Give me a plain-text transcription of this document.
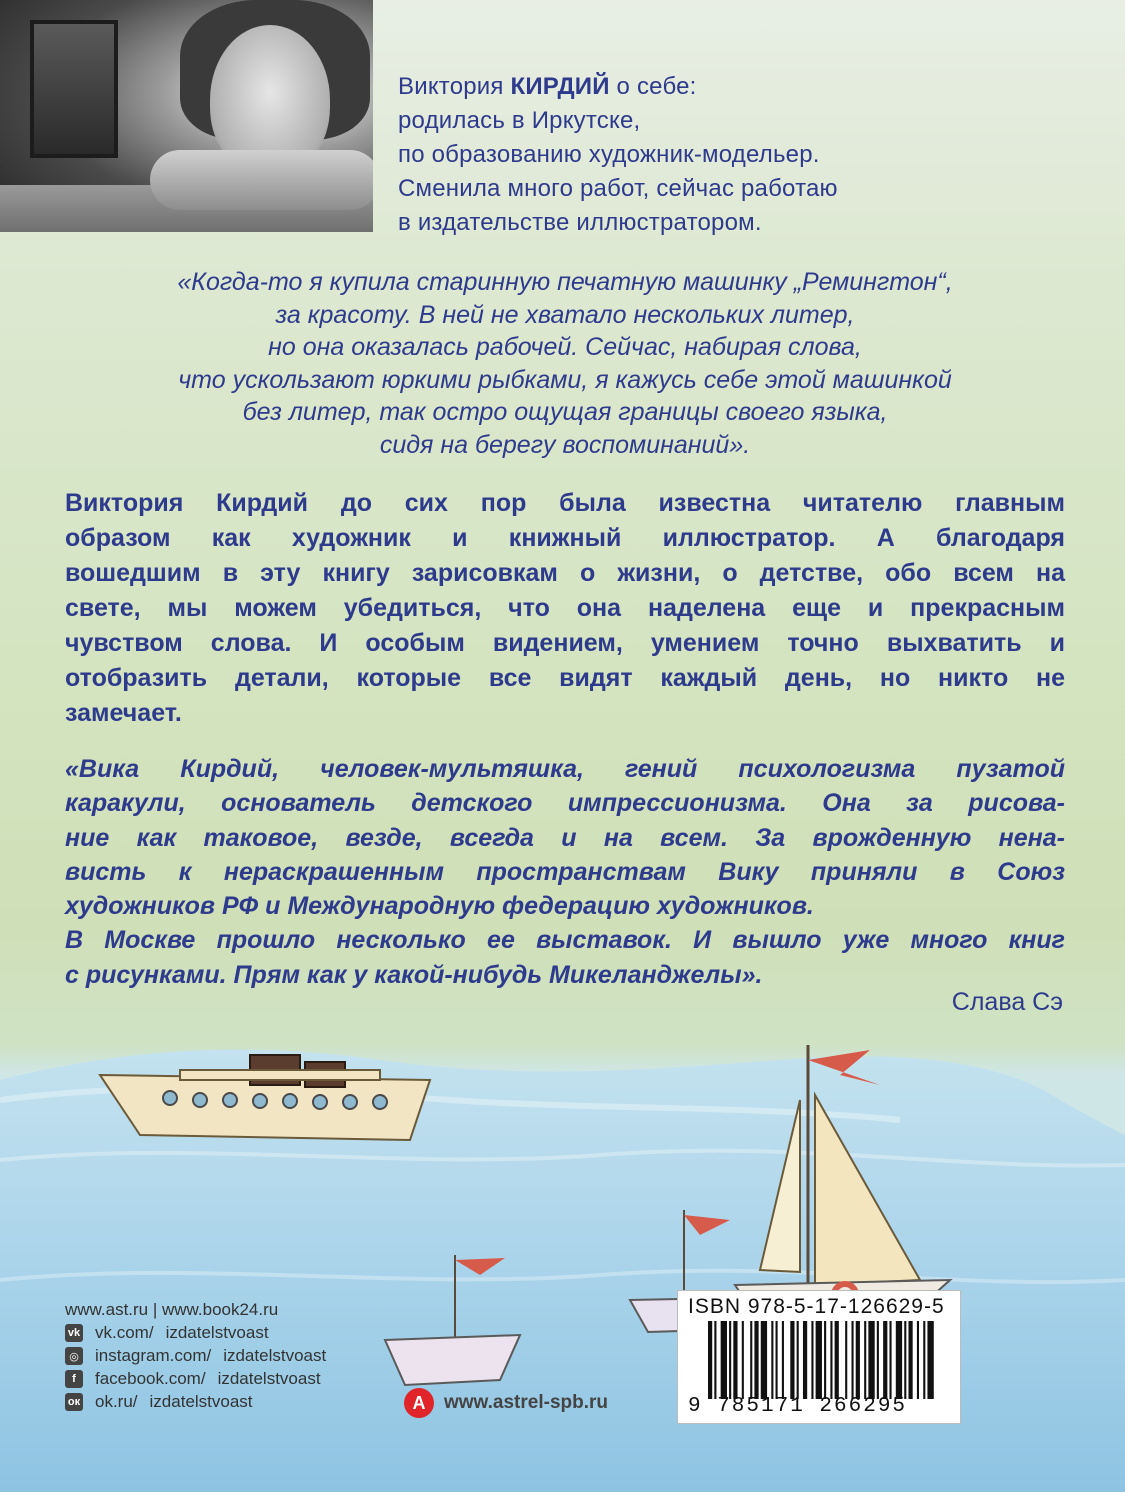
Виктория КИРДИЙ о себе:
родилась в Иркутске,
по образованию художник-модельер.
Сменила много работ, сейчас работаю
в издательстве иллюстратором.
«Когда-то я купила старинную печатную машинку „Ремингтон“,
за красоту. В ней не хватало нескольких литер,
но она оказалась рабочей. Сейчас, набирая слова,
что ускользают юркими рыбками, я кажусь себе этой машинкой
без литер, так остро ощущая границы своего языка,
сидя на берегу воспоминаний».
Виктория Кирдий до сих пор была известна читателю главным
образом как художник и книжный иллюстратор. А благодаря
вошедшим в эту книгу зарисовкам о жизни, о детстве, обо всем на
свете, мы можем убедиться, что она наделена еще и прекрасным
чувством слова. И особым видением, умением точно выхватить и
отобразить детали, которые все видят каждый день, но никто не
замечает.
«Вика Кирдий, человек-мультяшка, гений психологизма пузатой
каракули, основатель детского импрессионизма. Она за рисова-
ние как таковое, везде, всегда и на всем. За врожденную нена-
висть к нераскрашенным пространствам Вику приняли в Союз
художников РФ и Международную федерацию художников.
В Москве прошло несколько ее выставок. И вышло уже много книг
с рисунками. Прям как у какой-нибудь Микеланджелы».
Слава Сэ
www.ast.ru | www.book24.ru
vk vk.com/ izdatelstvoast
◎ instagram.com/ izdatelstvoast
f	facebook.com/ izdatelstvoast
ок ok.ru/ izdatelstvoast	A www.astrel-spb.ru
ISBN 978-5-17-126629-5
9 785171 266295
